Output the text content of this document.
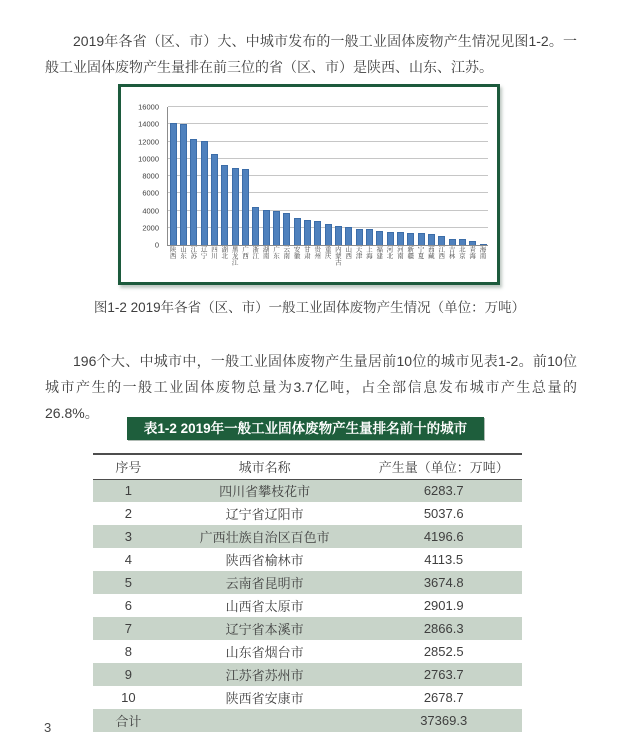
2019年各省（区、市）大、中城市发布的一般工业固体废物产生情况见图1-2。一般工业固体废物产生量排在前三位的省（区、市）是陕西、山东、江苏。

0
2000
4000
6000
8000
10000
12000
14000
16000
陕西 山东 江苏 辽宁 四川 湖北 黑龙江 广西 浙江 湖南 广东 云南 安徽 甘肃 贵州 重庆 内蒙古 山西 天津 上海 福建 河北 河南 新疆 宁夏 西藏 江西 吉林 北京 青海 海南
图1-2 2019年各省（区、市）一般工业固体废物产生情况（单位：万吨）

196个大、中城市中，一般工业固体废物产生量居前10位的城市见表1-2。前10位城市产生的一般工业固体废物总量为3.7亿吨，占全部信息发布城市产生总量的26.8%。

表1-2 2019年一般工业固体废物产生量排名前十的城市
序号	城市名称	产生量（单位：万吨）
1	四川省攀枝花市	6283.7
2	辽宁省辽阳市	5037.6
3	广西壮族自治区百色市	4196.6
4	陕西省榆林市	4113.5
5	云南省昆明市	3674.8
6	山西省太原市	2901.9
7	辽宁省本溪市	2866.3
8	山东省烟台市	2852.5
9	江苏省苏州市	2763.7
10	陕西省安康市	2678.7
合计		37369.3
3
